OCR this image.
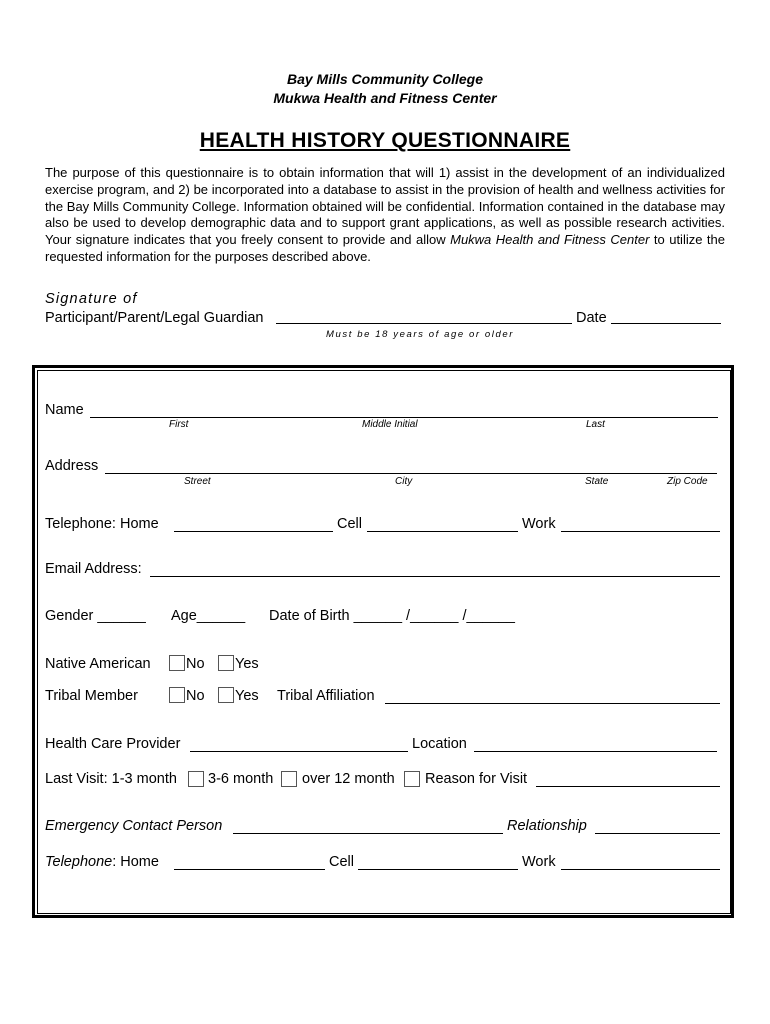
Bay Mills Community College
Mukwa Health and Fitness Center
HEALTH HISTORY QUESTIONNAIRE
The purpose of this questionnaire is to obtain information that will 1) assist in the development of an individualized exercise program, and 2) be incorporated into a database to assist in the provision of health and wellness activities for the Bay Mills Community College. Information obtained will be confidential. Information contained in the database may also be used to develop demographic data and to support grant applications, as well as possible research activities. Your signature indicates that you freely consent to provide and allow Mukwa Health and Fitness Center to utilize the requested information for the purposes described above.
Signature of
Participant/Parent/Legal Guardian	Date
Must be 18 years of age or older
Name
First	Middle Initial	Last
Address
Street	City	State	Zip Code
Telephone: Home	Cell	Work
Email Address:
Gender ______ Age______ Date of Birth ______ /______ /______
Native American No Yes
Tribal Member	No Yes Tribal Affiliation
Health Care Provider	Location
Last Visit: 1-3 month 3-6 month over 12 month Reason for Visit
Emergency Contact Person	Relationship
Telephone: Home	Cell	Work
